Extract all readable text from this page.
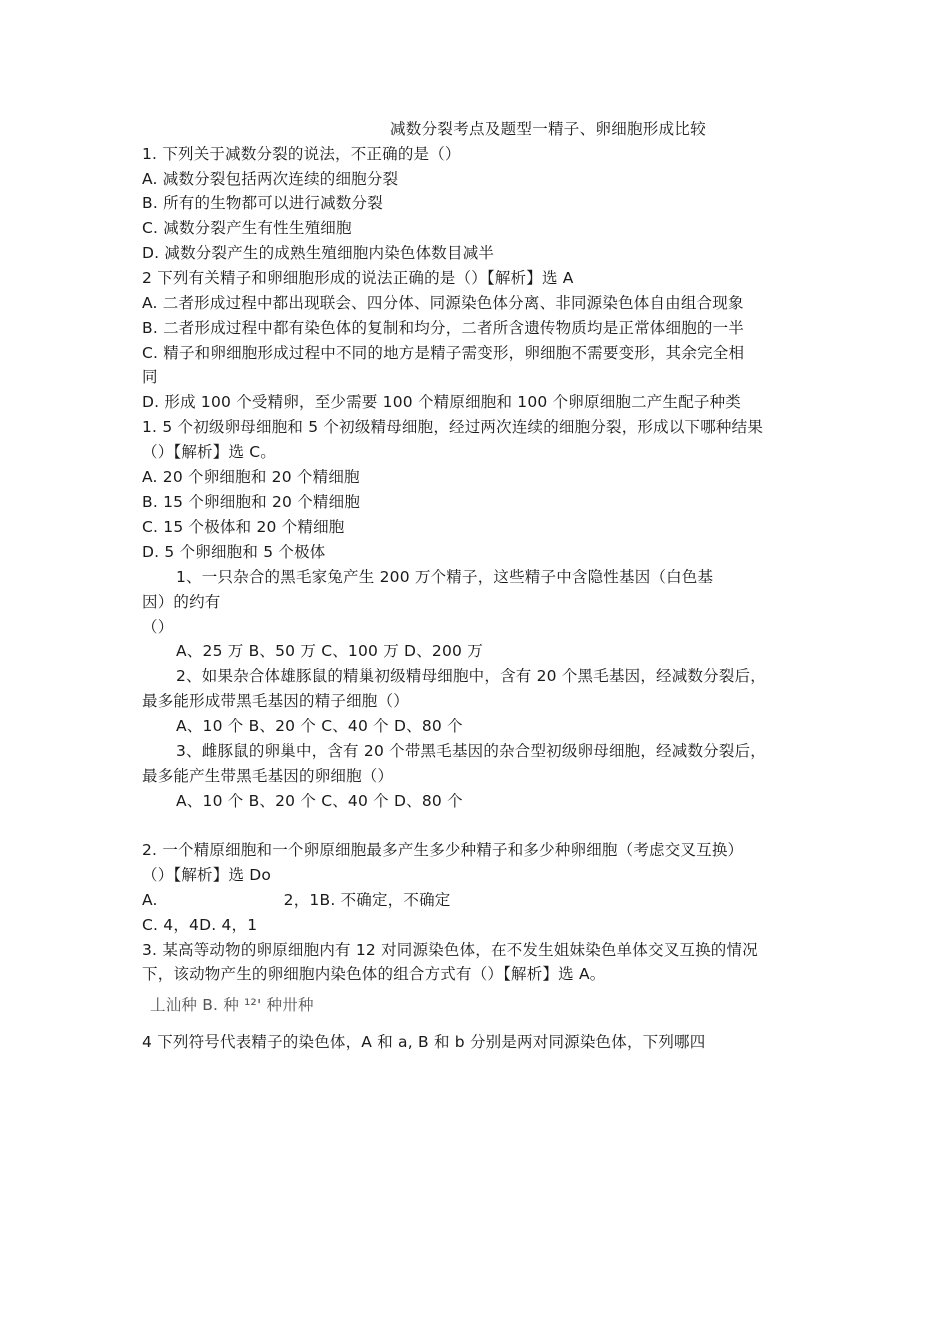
减数分裂考点及题型一精子、卵细胞形成比较
1. 下列关于减数分裂的说法，不正确的是（）
A. 减数分裂包括两次连续的细胞分裂
B. 所有的生物都可以进行减数分裂
C. 减数分裂产生有性生殖细胞
D. 减数分裂产生的成熟生殖细胞内染色体数目减半
2 下列有关精子和卵细胞形成的说法正确的是（）【解析】选 A
A. 二者形成过程中都出现联会、四分体、同源染色体分离、非同源染色体自由组合现象
B. 二者形成过程中都有染色体的复制和均分，二者所含遗传物质均是正常体细胞的一半
C. 精子和卵细胞形成过程中不同的地方是精子需变形，卵细胞不需要变形，其余完全相
同
D. 形成 100 个受精卵，至少需要 100 个精原细胞和 100 个卵原细胞二产生配子种类
1. 5 个初级卵母细胞和 5 个初级精母细胞，经过两次连续的细胞分裂，形成以下哪种结果
（）【解析】选 C。
A. 20 个卵细胞和 20 个精细胞
B. 15 个卵细胞和 20 个精细胞
C. 15 个极体和 20 个精细胞
D. 5 个卵细胞和 5 个极体
1、一只杂合的黑毛家兔产生 200 万个精子，这些精子中含隐性基因（白色基
因）的约有
（）
A、25 万 B、50 万 C、100 万 D、200 万
2、如果杂合体雄豚鼠的精巢初级精母细胞中，含有 20 个黑毛基因，经减数分裂后，
最多能形成带黑毛基因的精子细胞（）
A、10 个 B、20 个 C、40 个 D、80 个
3、雌豚鼠的卵巢中，含有 20 个带黑毛基因的杂合型初级卵母细胞，经减数分裂后，
最多能产生带黑毛基因的卵细胞（）
A、10 个 B、20 个 C、40 个 D、80 个
2. 一个精原细胞和一个卵原细胞最多产生多少种精子和多少种卵细胞（考虑交叉互换）
（）【解析】选 Do
A.	2，1B. 不确定，不确定
C. 4，4D. 4，1
3. 某高等动物的卵原细胞内有 12 对同源染色体，在不发生姐妹染色单体交叉互换的情况
下，该动物产生的卵细胞内染色体的组合方式有（）【解析】选 A。
丄汕种 B. 种 ¹²' 种卅种
4 下列符号代表精子的染色体，A 和 a, B 和 b 分别是两对同源染色体，下列哪四
